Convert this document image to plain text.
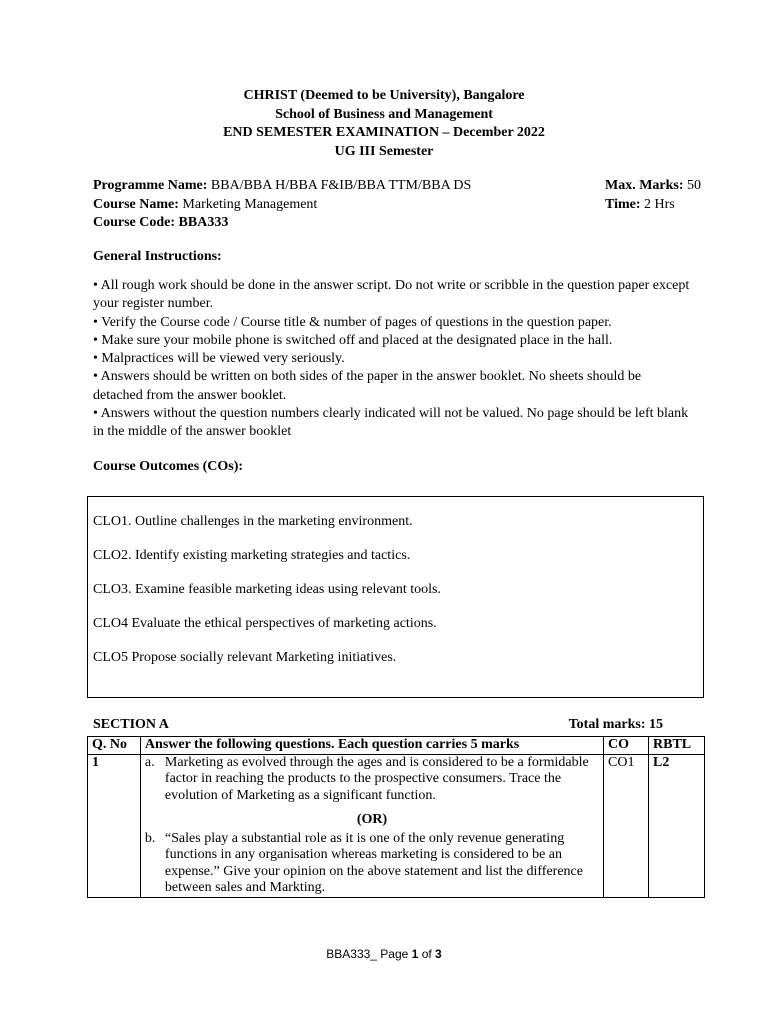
CHRIST (Deemed to be University), Bangalore
School of Business and Management
END SEMESTER EXAMINATION – December 2022
UG III Semester
Programme Name: BBA/BBA H/BBA F&IB/BBA TTM/BBA DS	Max. Marks: 50
Course Name: Marketing Management	Time: 2 Hrs
Course Code: BBA333
General Instructions:

• All rough work should be done in the answer script. Do not write or scribble in the question paper except your register number.

• Verify the Course code / Course title & number of pages of questions in the question paper.

• Make sure your mobile phone is switched off and placed at the designated place in the hall.

• Malpractices will be viewed very seriously.

• Answers should be written on both sides of the paper in the answer booklet. No sheets should be detached from the answer booklet.

• Answers without the question numbers clearly indicated will not be valued. No page should be left blank in the middle of the answer booklet

Course Outcomes (COs):

CLO1. Outline challenges in the marketing environment.

CLO2. Identify existing marketing strategies and tactics.

CLO3. Examine feasible marketing ideas using relevant tools.

CLO4 Evaluate the ethical perspectives of marketing actions.

CLO5 Propose socially relevant Marketing initiatives.

SECTION A	Total marks: 15
Q. No	Answer the following questions. Each question carries 5 marks	CO	RBTL
1	a. Marketing as evolved through the ages and is considered to be a formidable factor in reaching the products to the prospective consumers. Trace the evolution of Marketing as a significant function.
(OR)
b. “Sales play a substantial role as it is one of the only revenue generating functions in any organisation whereas marketing is considered to be an expense.” Give your opinion on the above statement and list the difference between sales and Markting.	CO1	L2
BBA333_ Page 1 of 3
